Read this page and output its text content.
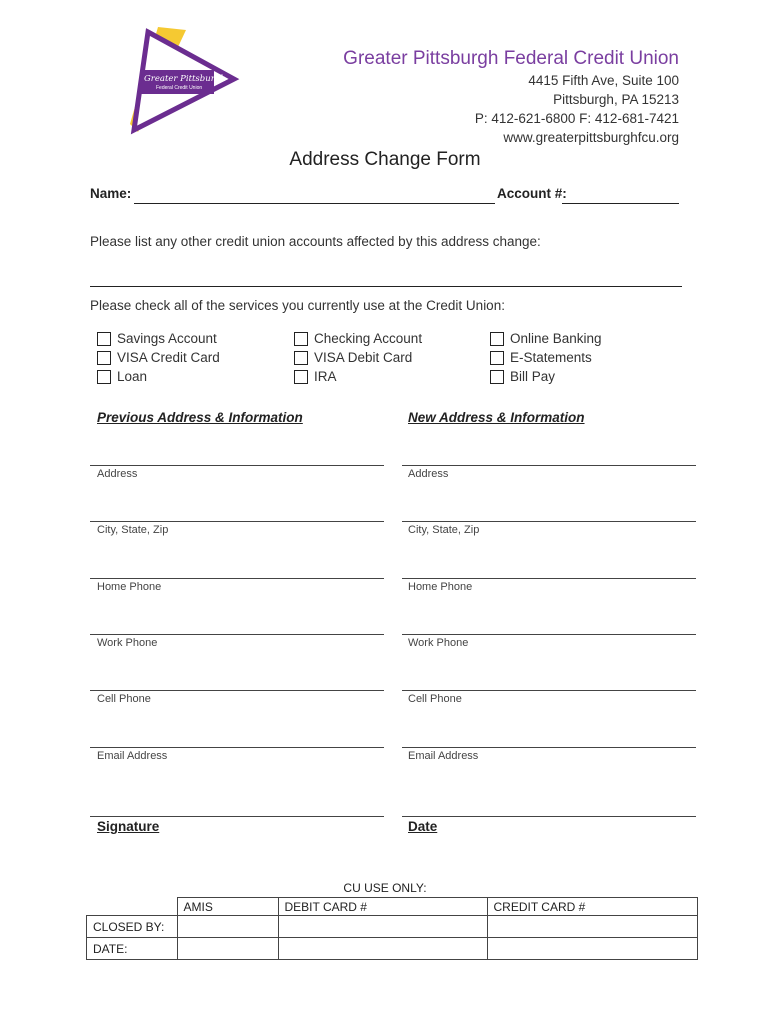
Greater Pittsburgh
Federal Credit Union
Greater Pittsburgh Federal Credit Union
4415 Fifth Ave, Suite 100
Pittsburgh, PA 15213
P: 412-621-6800 F: 412-681-7421
www.greaterpittsburghfcu.org
Address Change Form
Name:	Account #:
Please list any other credit union accounts affected by this address change:
Please check all of the services you currently use at the Credit Union:
Savings Account
VISA Credit Card
Loan
Checking Account
VISA Debit Card
IRA
Online Banking
E-Statements
Bill Pay
Previous Address & Information	New Address & Information
Address	Address
City, State, Zip	City, State, Zip
Home Phone	Home Phone
Work Phone	Work Phone
Cell Phone	Cell Phone
Email Address	Email Address
Signature	Date
CU USE ONLY:
	AMIS	DEBIT CARD #	CREDIT CARD #
CLOSED BY:			
DATE:			
